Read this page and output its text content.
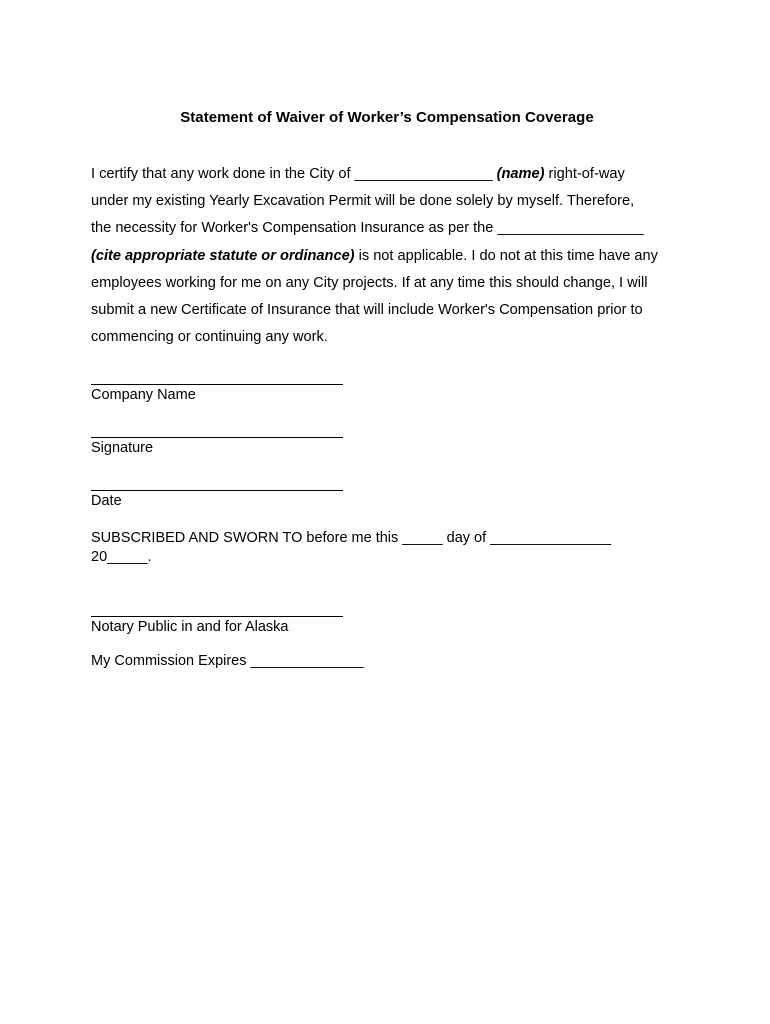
Statement of Waiver of Worker’s Compensation Coverage
I certify that any work done in the City of _________________ (name) right-of-way
under my existing Yearly Excavation Permit will be done solely by myself. Therefore,
the necessity for Worker's Compensation Insurance as per the __________________
(cite appropriate statute or ordinance) is not applicable. I do not at this time have any
employees working for me on any City projects. If at any time this should change, I will
submit a new Certificate of Insurance that will include Worker's Compensation prior to
commencing or continuing any work.
Company Name
Signature
Date
SUBSCRIBED AND SWORN TO before me this _____ day of _______________
20_____.
Notary Public in and for Alaska
My Commission Expires ______________
